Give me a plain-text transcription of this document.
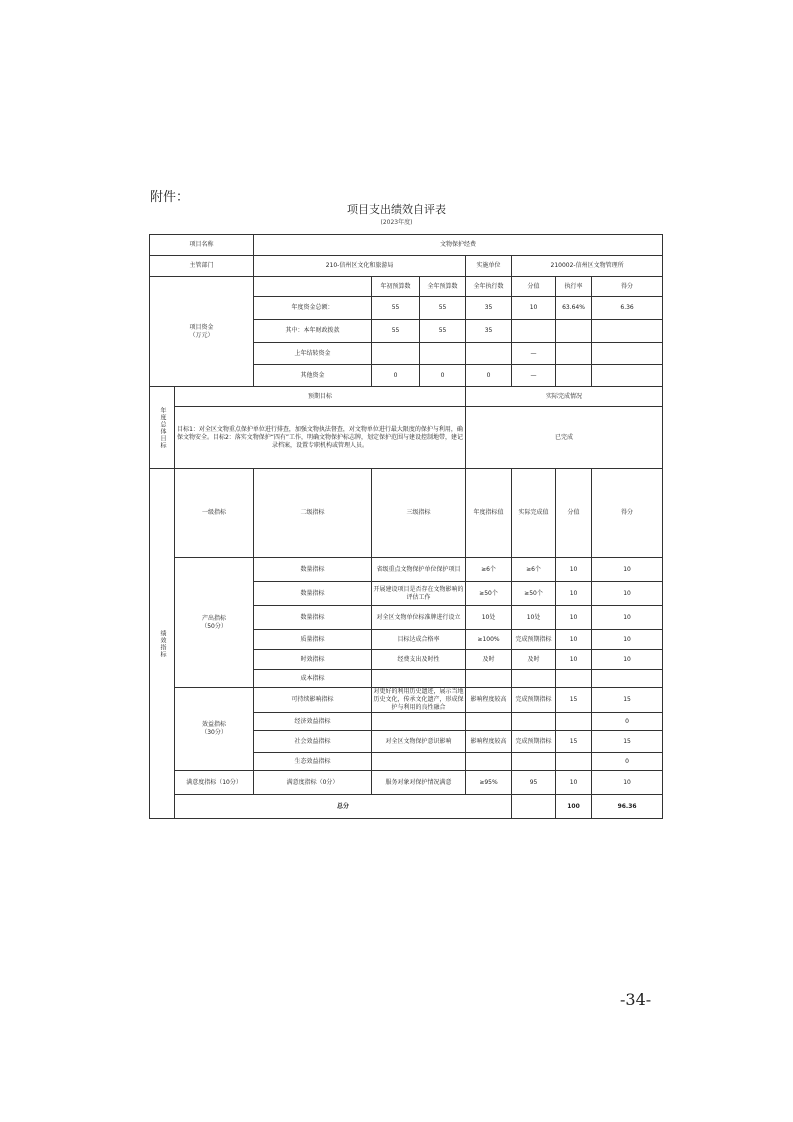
附件：
项目支出绩效自评表
(2023年度)
项目名称		文物保护经费							
主管部门		210-信州区文化和旅游局			实施单位	210002-信州区文物管理所			
项目资金
（万元）			年初预算数	全年预算数	全年执行数	分值	执行率	得分	
		年度资金总额：	55	55	35	10	63.64%	6.36	
		其中：本年财政拨款	55	55	35				
		上年结转资金				—			
		其他资金	0	0	0	—			
年度总体目标	预期目标				实际完成情况				
	目标1：对全区文物重点保护单位进行排查，加强文物执法督查，对文物单位进行最大限度的保护与利用，确保文物安全。目标2：落实文物保护“四有”工作，明确文物保护标志牌，划定保护范围与建设控制地带，建记录档案，设置专职机构或管理人员。				已完成				
绩效指标	一级指标	二级指标	三级指标		年度指标值	实际完成值	分值	得分	
	产出指标
（50分）	数量指标	省级重点文物保护单位保护项目		≥6个	≥6个	10	10	
		数量指标	开展建设项目是否存在文物影响的评估工作		≥50个	≥50个	10	10	
		数量指标	对全区文物单位标准牌进行设立		10处	10处	10	10	
		质量指标	目标达成合格率		≥100%	完成预期指标	10	10	
		时效指标	经费支出及时性		及时	及时	10	10	
		成本指标							
	效益指标
（30分）	可持续影响指标	对更好的利用历史遗迹，展示当地历史文化，传承文化遗产，形成保护与利用的良性融合		影响程度较高	完成预期指标	15	15	
		经济效益指标						0	
		社会效益指标	对全区文物保护意识影响		影响程度较高	完成预期指标	15	15	
		生态效益指标						0	
	满意度指标（10分）	满意度指标（0分）	服务对象对保护情况满意		≥95%	95	10	10	
	总分						100	96.36	
-34-
